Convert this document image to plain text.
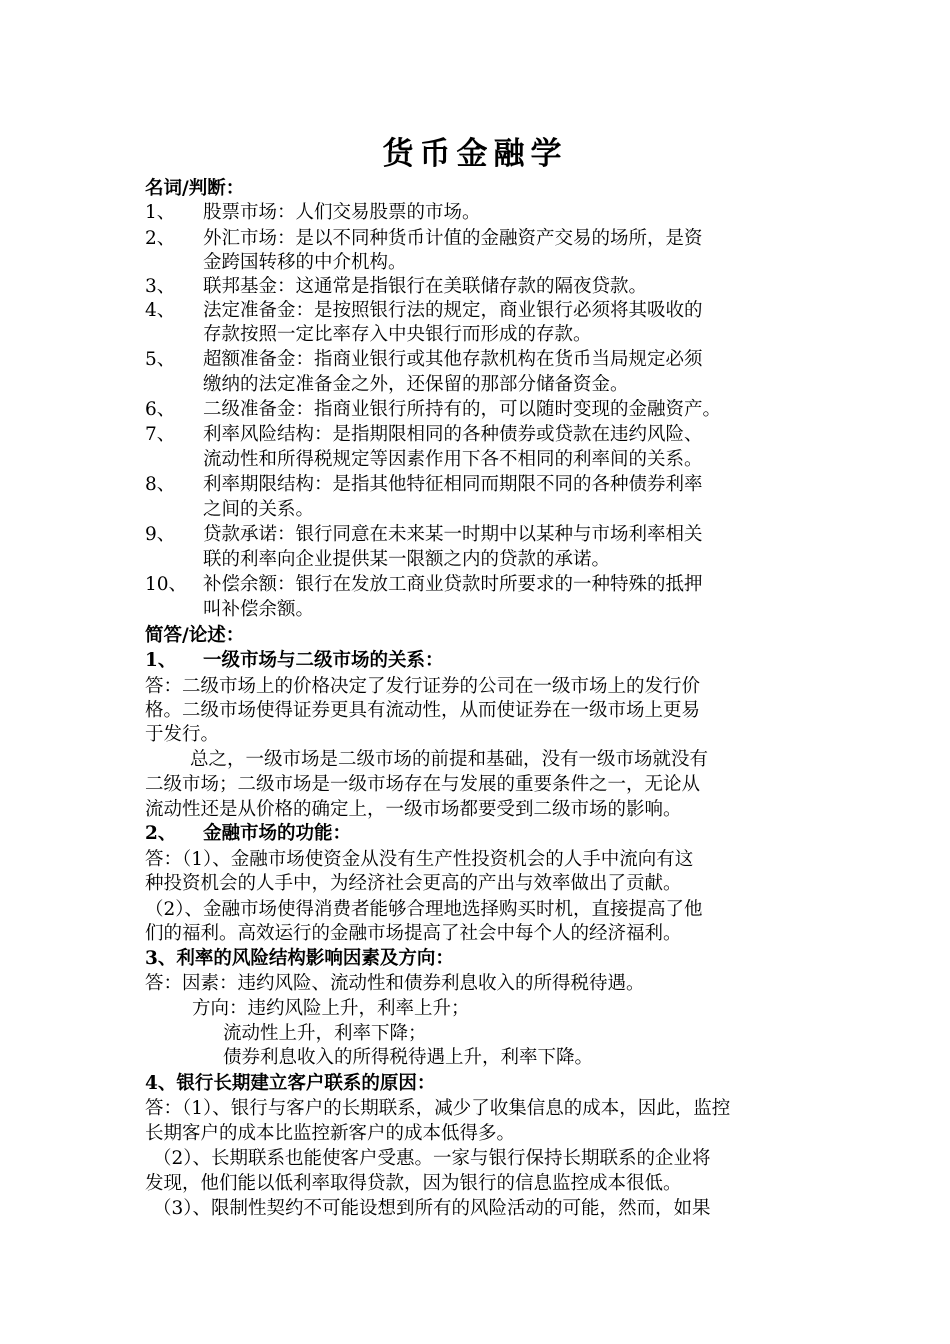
货币金融学
名词/判断：
1、 股票市场：人们交易股票的市场。
2、 外汇市场：是以不同种货币计值的金融资产交易的场所，是资
金跨国转移的中介机构。
3、 联邦基金：这通常是指银行在美联储存款的隔夜贷款。
4、 法定准备金：是按照银行法的规定，商业银行必须将其吸收的
存款按照一定比率存入中央银行而形成的存款。
5、 超额准备金：指商业银行或其他存款机构在货币当局规定必须
缴纳的法定准备金之外，还保留的那部分储备资金。
6、 二级准备金：指商业银行所持有的，可以随时变现的金融资产。
7、 利率风险结构：是指期限相同的各种债券或贷款在违约风险、
流动性和所得税规定等因素作用下各不相同的利率间的关系。
8、 利率期限结构：是指其他特征相同而期限不同的各种债券利率
之间的关系。
9、 贷款承诺：银行同意在未来某一时期中以某种与市场利率相关
联的利率向企业提供某一限额之内的贷款的承诺。
10、 补偿余额：银行在发放工商业贷款时所要求的一种特殊的抵押
叫补偿余额。
简答/论述：
1、 一级市场与二级市场的关系：
答：二级市场上的价格决定了发行证券的公司在一级市场上的发行价
格。二级市场使得证券更具有流动性，从而使证券在一级市场上更易
于发行。
总之，一级市场是二级市场的前提和基础，没有一级市场就没有
二级市场；二级市场是一级市场存在与发展的重要条件之一，无论从
流动性还是从价格的确定上，一级市场都要受到二级市场的影响。
2、 金融市场的功能：
答：（1）、金融市场使资金从没有生产性投资机会的人手中流向有这
种投资机会的人手中，为经济社会更高的产出与效率做出了贡献。
（2）、金融市场使得消费者能够合理地选择购买时机，直接提高了他
们的福利。高效运行的金融市场提高了社会中每个人的经济福利。
3、利率的风险结构影响因素及方向：
答：因素：违约风险、流动性和债券利息收入的所得税待遇。
方向：违约风险上升，利率上升；
流动性上升，利率下降；
债券利息收入的所得税待遇上升，利率下降。
4、银行长期建立客户联系的原因：
答：（1）、银行与客户的长期联系，减少了收集信息的成本，因此，监控
长期客户的成本比监控新客户的成本低得多。
（2）、长期联系也能使客户受惠。一家与银行保持长期联系的企业将
发现，他们能以低利率取得贷款，因为银行的信息监控成本很低。
（3）、限制性契约不可能设想到所有的风险活动的可能，然而，如果
